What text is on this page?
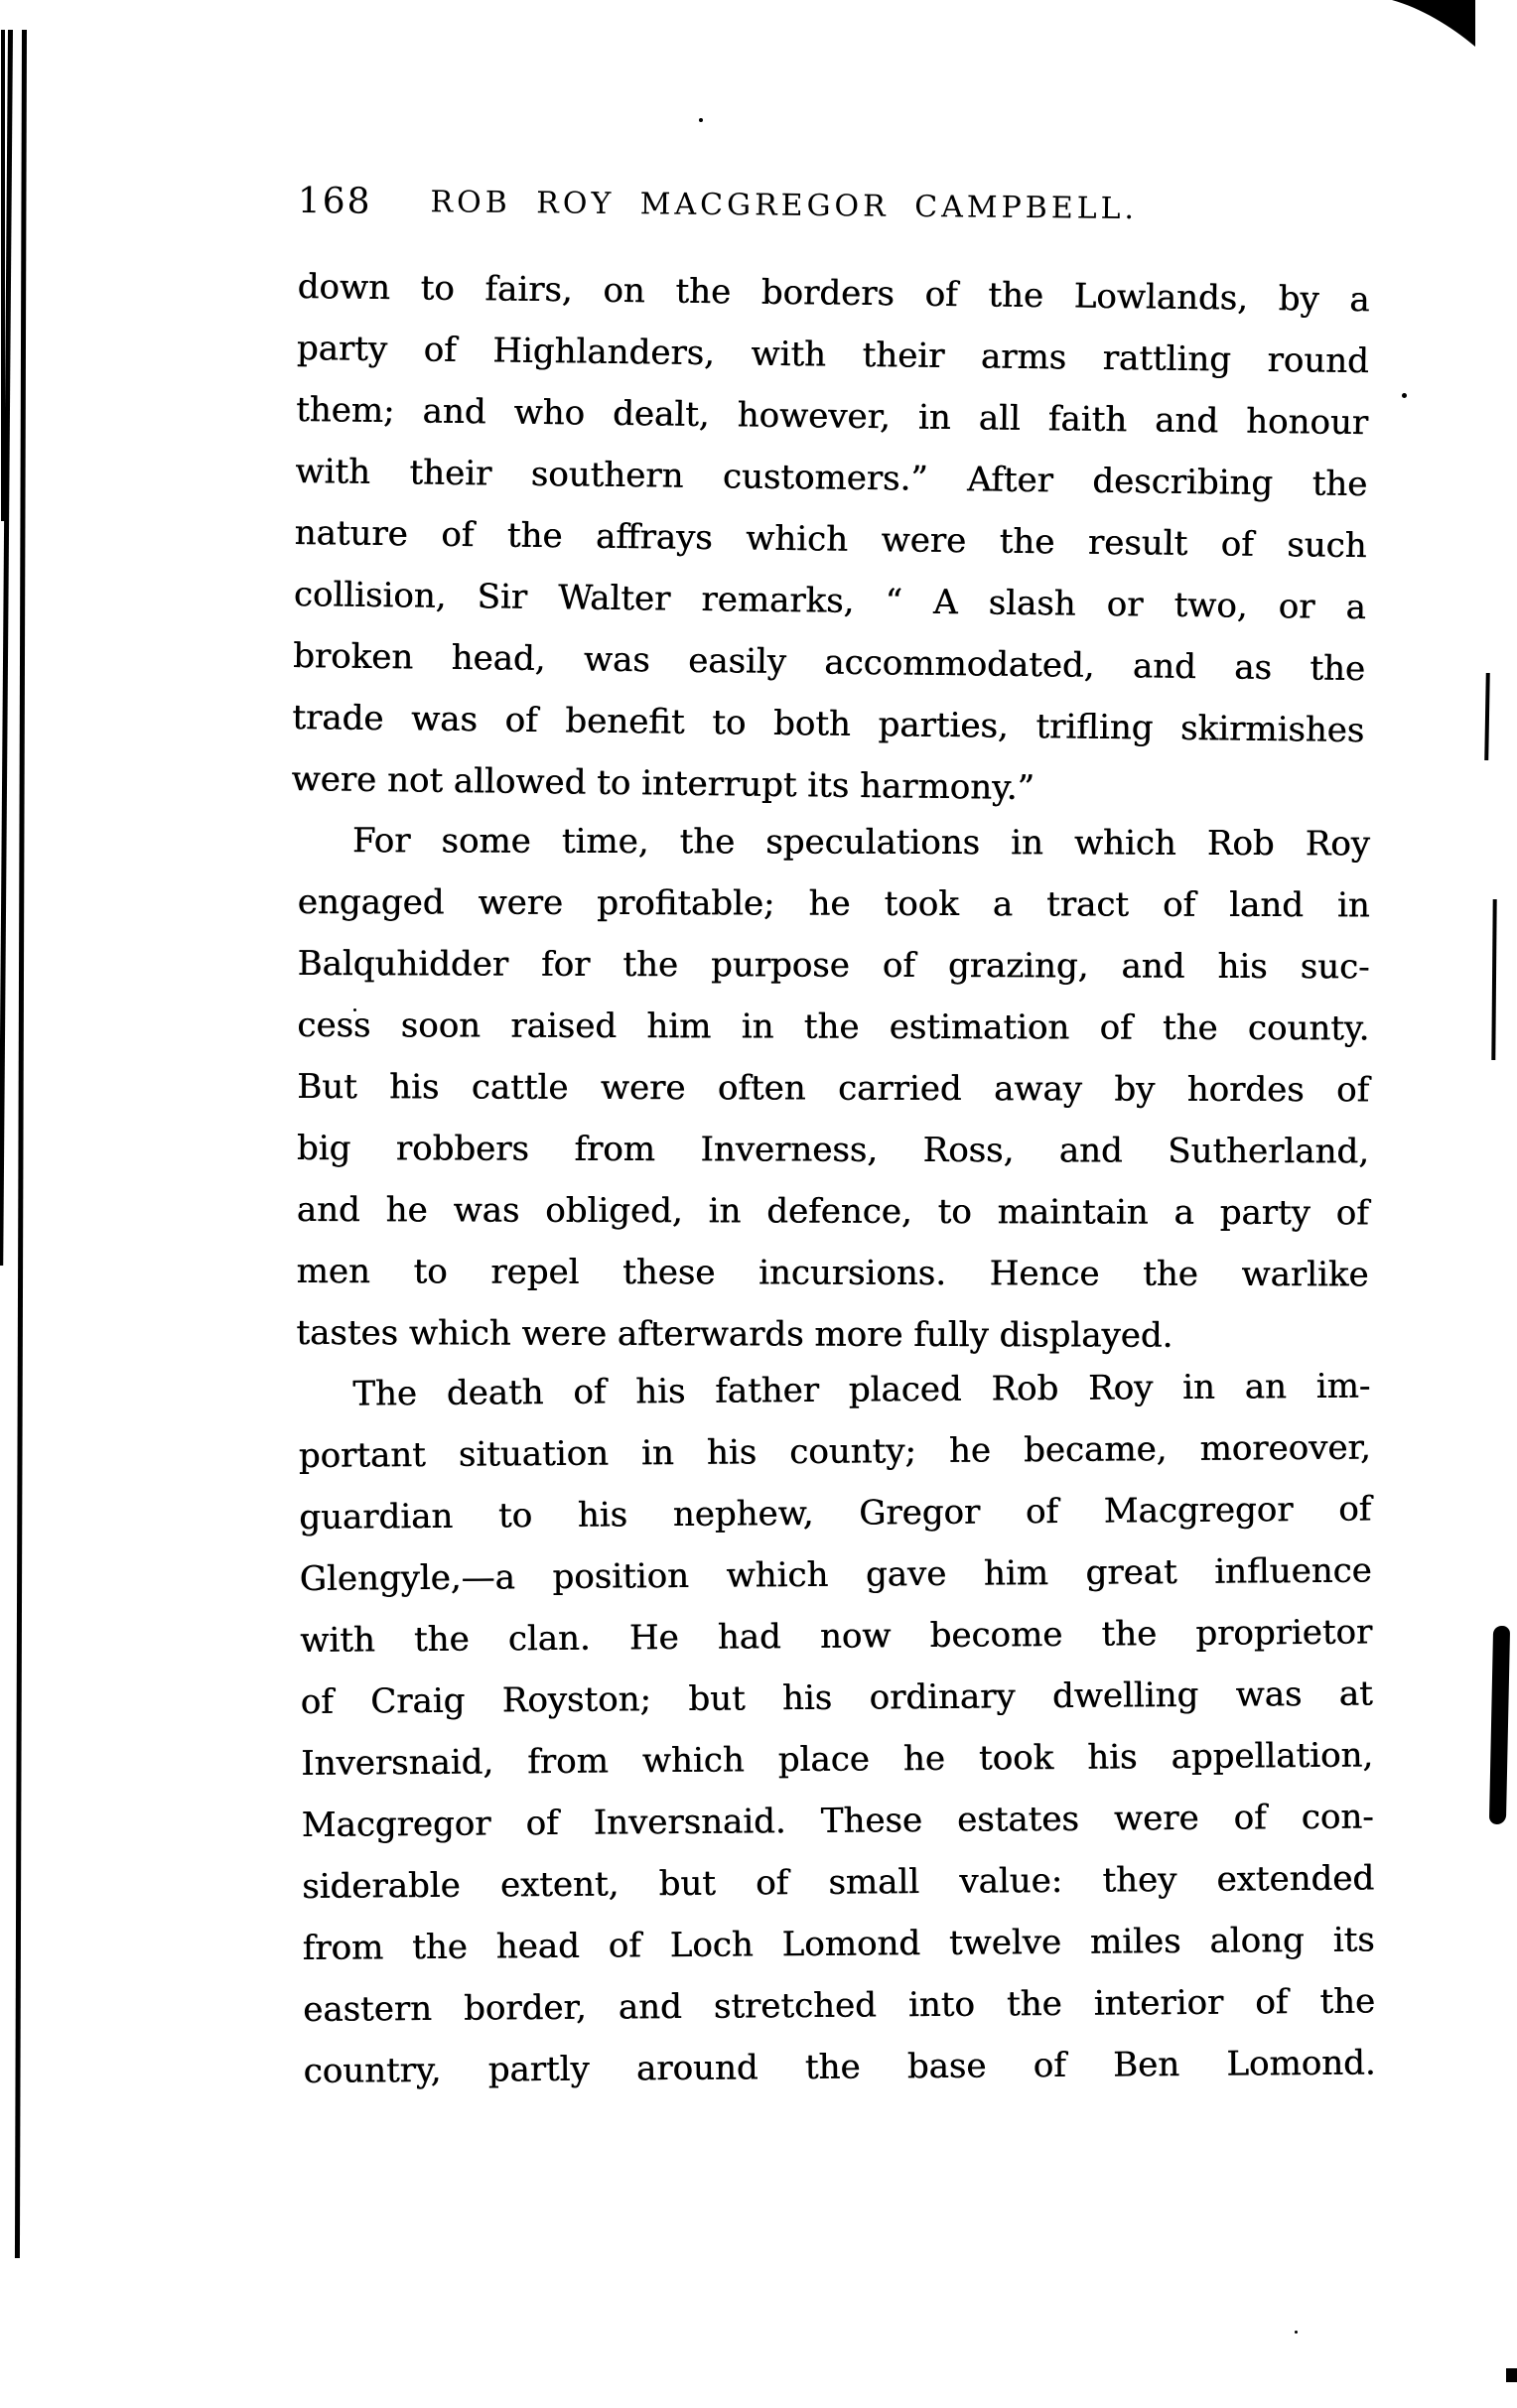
168	ROB ROY MACGREGOR CAMPBELL.
down to fairs, on the borders of the Lowlands, by a
party of Highlanders, with their arms rattling round
them; and who dealt, however, in all faith and honour
with their southern customers.” After describing the
nature of the affrays which were the result of such
collision, Sir Walter remarks, “ A slash or two, or a
broken head, was easily accommodated, and as the
trade was of benefit to both parties, trifling skirmishes
were not allowed to interrupt its harmony.”
For some time, the speculations in which Rob Roy
engaged were profitable; he took a tract of land in
Balquhidder for the purpose of grazing, and his suc-
cess soon raised him in the estimation of the county.
But his cattle were often carried away by hordes of
big robbers from Inverness, Ross, and Sutherland,
and he was obliged, in defence, to maintain a party of
men to repel these incursions. Hence the warlike
tastes which were afterwards more fully displayed.
The death of his father placed Rob Roy in an im-
portant situation in his county; he became, moreover,
guardian to his nephew, Gregor of Macgregor of
Glengyle,—a position which gave him great influence
with the clan. He had now become the proprietor
of Craig Royston; but his ordinary dwelling was at
Inversnaid, from which place he took his appellation,
Macgregor of Inversnaid. These estates were of con-
siderable extent, but of small value: they extended
from the head of Loch Lomond twelve miles along its
eastern border, and stretched into the interior of the
country, partly around the base of Ben Lomond.
